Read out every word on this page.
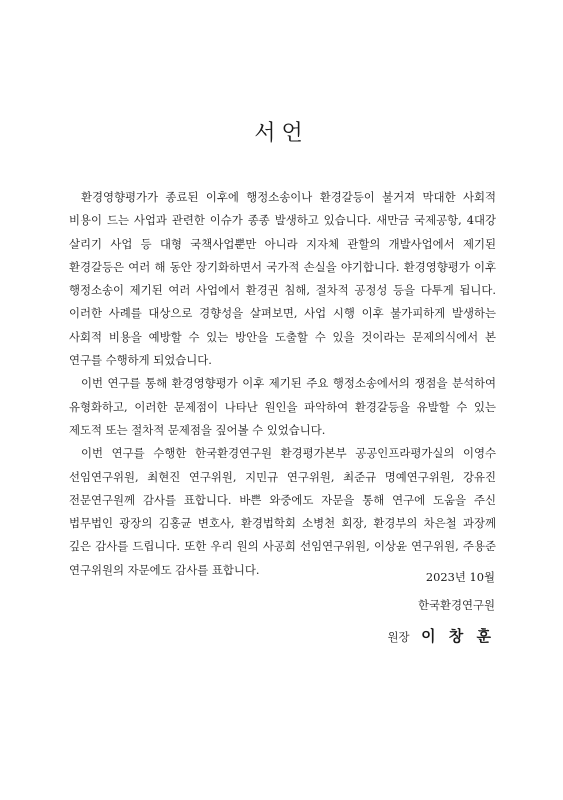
서언

환경영향평가가 종료된 이후에 행정소송이나 환경갈등이 불거져 막대한 사회적 비용이 드는 사업과 관련한 이슈가 종종 발생하고 있습니다. 새만금 국제공항, 4대강 살리기 사업 등 대형 국책사업뿐만 아니라 지자체 관할의 개발사업에서 제기된 환경갈등은 여러 해 동안 장기화하면서 국가적 손실을 야기합니다. 환경영향평가 이후 행정소송이 제기된 여러 사업에서 환경권 침해, 절차적 공정성 등을 다투게 됩니다. 이러한 사례를 대상으로 경향성을 살펴보면, 사업 시행 이후 불가피하게 발생하는 사회적 비용을 예방할 수 있는 방안을 도출할 수 있을 것이라는 문제의식에서 본 연구를 수행하게 되었습니다.

이번 연구를 통해 환경영향평가 이후 제기된 주요 행정소송에서의 쟁점을 분석하여 유형화하고, 이러한 문제점이 나타난 원인을 파악하여 환경갈등을 유발할 수 있는 제도적 또는 절차적 문제점을 짚어볼 수 있었습니다.

이번 연구를 수행한 한국환경연구원 환경평가본부 공공인프라평가실의 이영수 선임연구위원, 최현진 연구위원, 지민규 연구위원, 최준규 명예연구위원, 강유진 전문연구원께 감사를 표합니다. 바쁜 와중에도 자문을 통해 연구에 도움을 주신 법무법인 광장의 김홍균 변호사, 환경법학회 소병천 회장, 환경부의 차은철 과장께 깊은 감사를 드립니다. 또한 우리 원의 사공희 선임연구위원, 이상윤 연구위원, 주용준 연구위원의 자문에도 감사를 표합니다.

2023년 10월
한국환경연구원
원장 이 창 훈
